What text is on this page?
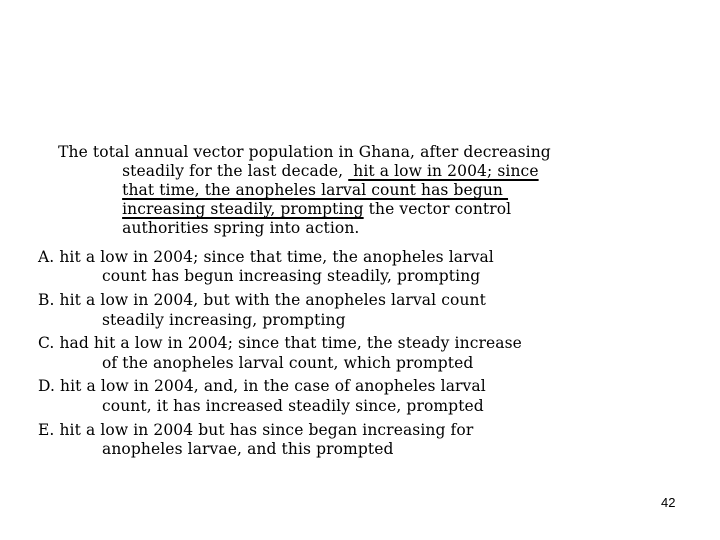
The total annual vector population in Ghana, after decreasing

steadily for the last decade,  hit a low in 2004; since

that time, the anopheles larval count has begun

increasing steadily, prompting the vector control

authorities spring into action.

A. hit a low in 2004; since that time, the anopheles larval
count has begun increasing steadily, prompting
B. hit a low in 2004, but with the anopheles larval count
steadily increasing, prompting
C. had hit a low in 2004; since that time, the steady increase
of the anopheles larval count, which prompted
D. hit a low in 2004, and, in the case of anopheles larval
count, it has increased steadily since, prompted
E. hit a low in 2004 but has since began increasing for
anopheles larvae, and this prompted
42
